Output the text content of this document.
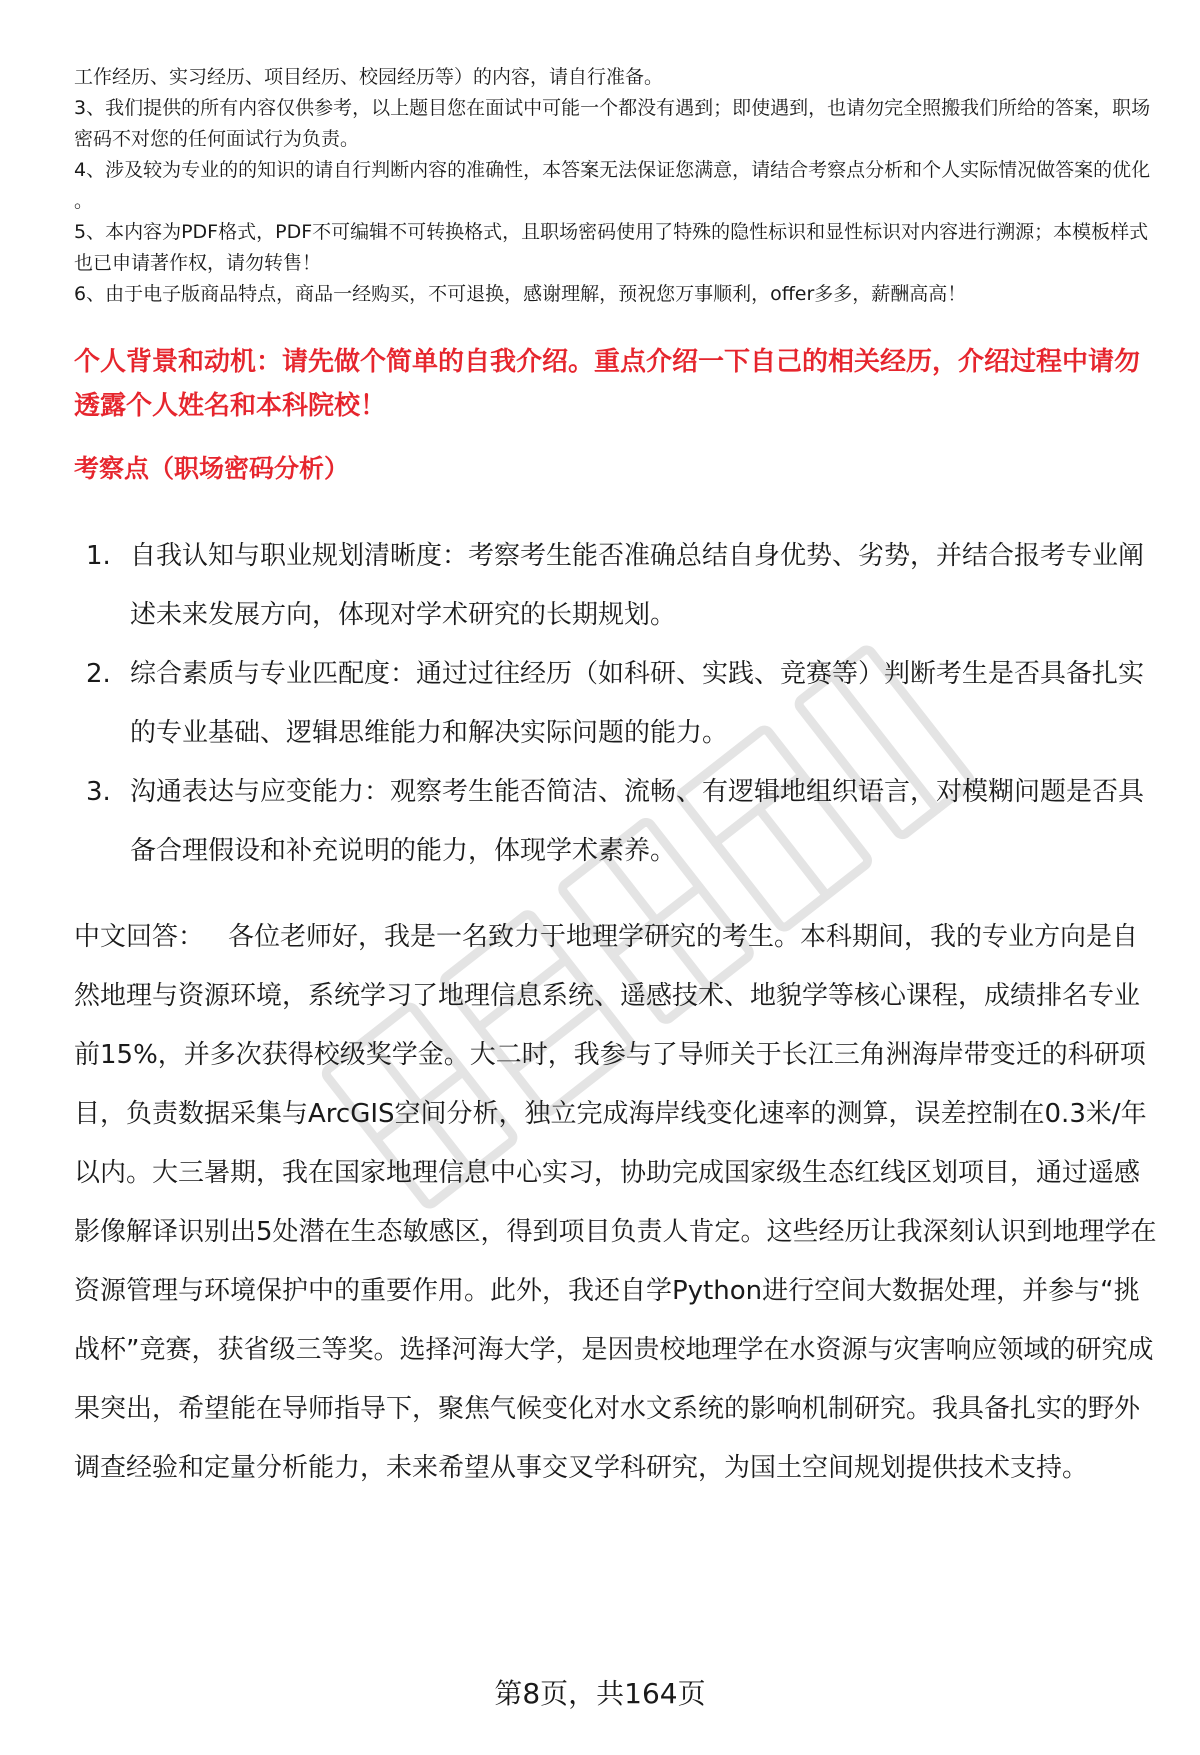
工作经历、实习经历、项目经历、校园经历等）的内容，请自行准备。

3、我们提供的所有内容仅供参考，以上题目您在面试中可能一个都没有遇到；即使遇到，也请勿完全照搬我们所给的答案，职场密码不对您的任何面试行为负责。

4、涉及较为专业的的知识的请自行判断内容的准确性，本答案无法保证您满意，请结合考察点分析和个人实际情况做答案的优化 。

5、本内容为PDF格式，PDF不可编辑不可转换格式，且职场密码使用了特殊的隐性标识和显性标识对内容进行溯源；本模板样式也已申请著作权，请勿转售！

6、由于电子版商品特点，商品一经购买，不可退换，感谢理解，预祝您万事顺利，offer多多，薪酬高高！

个人背景和动机：请先做个简单的自我介绍。重点介绍一下自己的相关经历，介绍过程中请勿透露个人姓名和本科院校！
考察点（职场密码分析）
1. 自我认知与职业规划清晰度：考察考生能否准确总结自身优势、劣势，并结合报考专业阐述未来发展方向，体现对学术研究的长期规划。
2. 综合素质与专业匹配度：通过过往经历（如科研、实践、竞赛等）判断考生是否具备扎实的专业基础、逻辑思维能力和解决实际问题的能力。
3. 沟通表达与应变能力：观察考生能否简洁、流畅、有逻辑地组织语言，对模糊问题是否具备合理假设和补充说明的能力，体现学术素养。
中文回答： 各位老师好，我是一名致力于地理学研究的考生。本科期间，我的专业方向是自然地理与资源环境，系统学习了地理信息系统、遥感技术、地貌学等核心课程，成绩排名专业前15%，并多次获得校级奖学金。大二时，我参与了导师关于长江三角洲海岸带变迁的科研项目，负责数据采集与ArcGIS空间分析，独立完成海岸线变化速率的测算，误差控制在0.3米/年以内。大三暑期，我在国家地理信息中心实习，协助完成国家级生态红线区划项目，通过遥感影像解译识别出5处潜在生态敏感区，得到项目负责人肯定。这些经历让我深刻认识到地理学在资源管理与环境保护中的重要作用。此外，我还自学Python进行空间大数据处理，并参与“挑战杯”竞赛，获省级三等奖。选择河海大学，是因贵校地理学在水资源与灾害响应领域的研究成果突出，希望能在导师指导下，聚焦气候变化对水文系统的影响机制研究。我具备扎实的野外调查经验和定量分析能力，未来希望从事交叉学科研究，为国土空间规划提供技术支持。
第8页，共164页
